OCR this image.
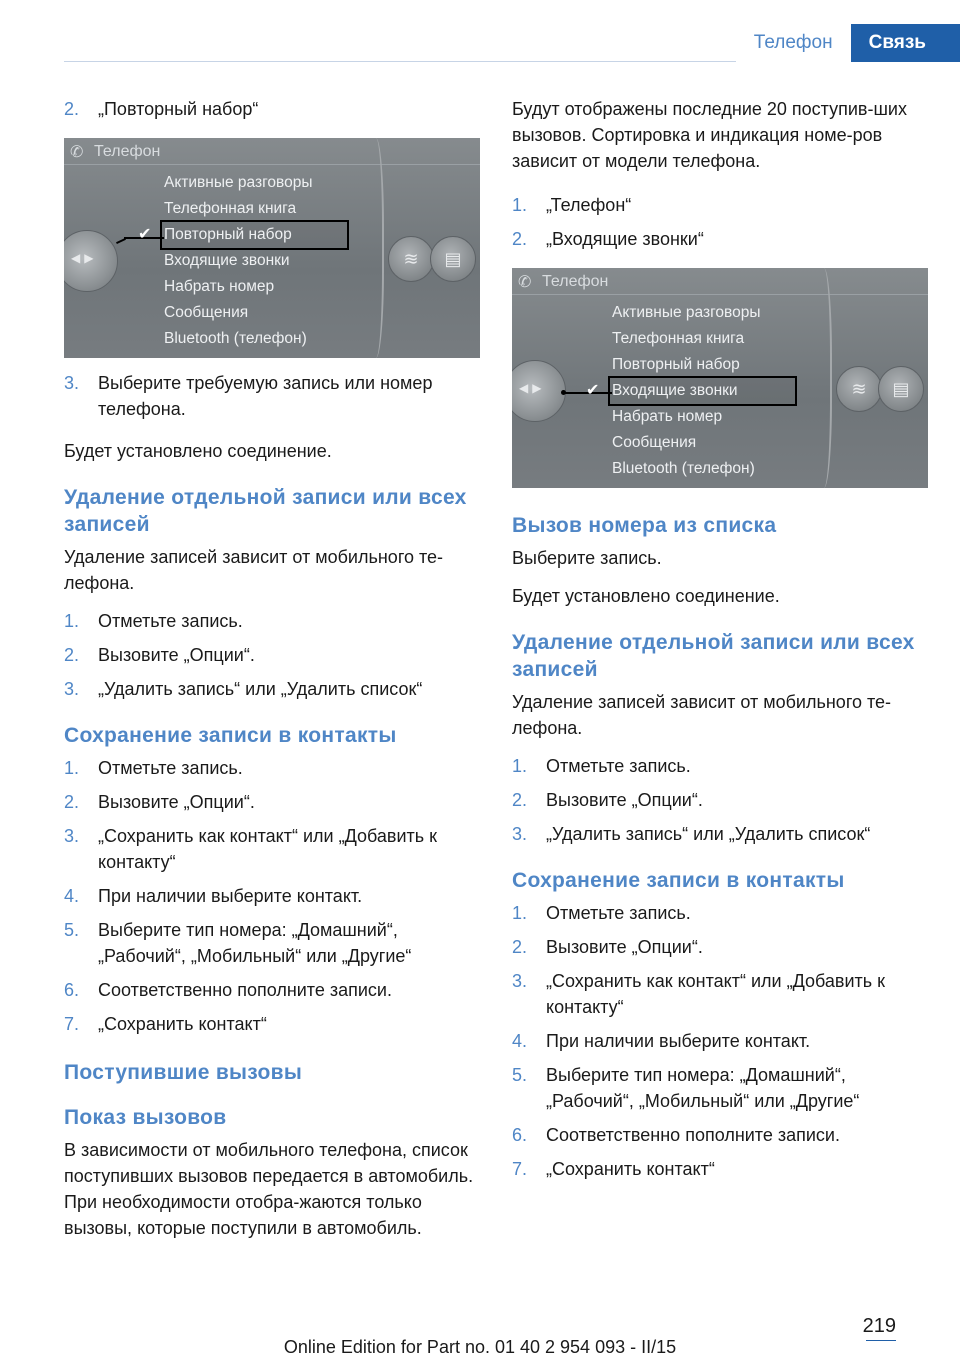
Телефон	Связь
2. „Повторный набор“
✆ Телефон
◀▶
Активные разговоры
Телефонная книга
✔ Повторный набор
Входящие звонки
Набрать номер
Сообщения
Bluetooth (телефон)
≋	▤
3. Выберите требуемую запись или номер телефона.

Будет установлено соединение.

Удаление отдельной записи или всех записей

Удаление записей зависит от мобильного те-лефона.

1. Отметьте запись.
2. Вызовите „Опции“.
3. „Удалить запись“ или „Удалить список“
Сохранение записи в контакты
1. Отметьте запись.
2. Вызовите „Опции“.
3. „Сохранить как контакт“ или „Добавить к контакту“
4. При наличии выберите контакт.
5. Выберите тип номера: „Домашний“, „Рабочий“, „Мобильный“ или „Другие“
6. Соответственно пополните записи.
7. „Сохранить контакт“
Поступившие вызовы
Показ вызовов

В зависимости от мобильного телефона, список поступивших вызовов передается в автомобиль. При необходимости отобра-жаются только вызовы, которые поступили в автомобиль.

Будут отображены последние 20 поступив-ших вызовов. Сортировка и индикация номе-ров зависит от модели телефона.

1. „Телефон“
2. „Входящие звонки“
✆ Телефон
◀▶
Активные разговоры
Телефонная книга
Повторный набор
✔ Входящие звонки
Набрать номер
Сообщения
Bluetooth (телефон)
≋	▤
Вызов номера из списка

Выберите запись.

Будет установлено соединение.

Удаление отдельной записи или всех записей

Удаление записей зависит от мобильного те-лефона.

1. Отметьте запись.
2. Вызовите „Опции“.
3. „Удалить запись“ или „Удалить список“
Сохранение записи в контакты
1. Отметьте запись.
2. Вызовите „Опции“.
3. „Сохранить как контакт“ или „Добавить к контакту“
4. При наличии выберите контакт.
5. Выберите тип номера: „Домашний“, „Рабочий“, „Мобильный“ или „Другие“
6. Соответственно пополните записи.
7. „Сохранить контакт“
219
Online Edition for Part no. 01 40 2 954 093 - II/15
